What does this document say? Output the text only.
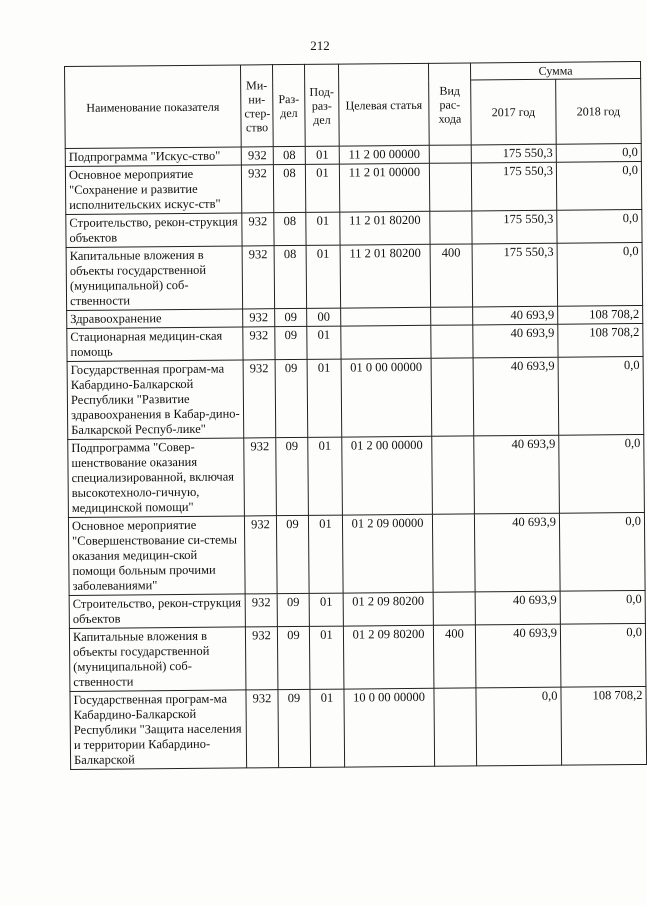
212
Наименование показателя	Ми-ни-стер-ство	Раз-дел	Под-раз-дел	Целевая статья	Вид рас-хода	Сумма	
						2017 год	2018 год
Подпрограмма "Искус-ство"	932	08	01	11 2 00 00000		175 550,3	0,0
Основное мероприятие "Сохранение и развитие исполнительских искус-ств"	932	08	01	11 2 01 00000		175 550,3	0,0
Строительство, рекон-струкция объектов	932	08	01	11 2 01 80200		175 550,3	0,0
Капитальные вложения в объекты государственной (муниципальной) соб-ственности	932	08	01	11 2 01 80200	400	175 550,3	0,0
Здравоохранение	932	09	00			40 693,9	108 708,2
Стационарная медицин-ская помощь	932	09	01			40 693,9	108 708,2
Государственная програм-ма Кабардино-Балкарской Республики "Развитие здравоохранения в Кабар-дино-Балкарской Респуб-лике"	932	09	01	01 0 00 00000		40 693,9	0,0
Подпрограмма "Совер-шенствование оказания специализированной, включая высокотехноло-гичную, медицинской помощи"	932	09	01	01 2 00 00000		40 693,9	0,0
Основное мероприятие "Совершенствование си-стемы оказания медицин-ской помощи больным прочими заболеваниями"	932	09	01	01 2 09 00000		40 693,9	0,0
Строительство, рекон-струкция объектов	932	09	01	01 2 09 80200		40 693,9	0,0
Капитальные вложения в объекты государственной (муниципальной) соб-ственности	932	09	01	01 2 09 80200	400	40 693,9	0,0
Государственная програм-ма Кабардино-Балкарской Республики "Защита населения и территории Кабардино-Балкарской	932	09	01	10 0 00 00000		0,0	108 708,2
